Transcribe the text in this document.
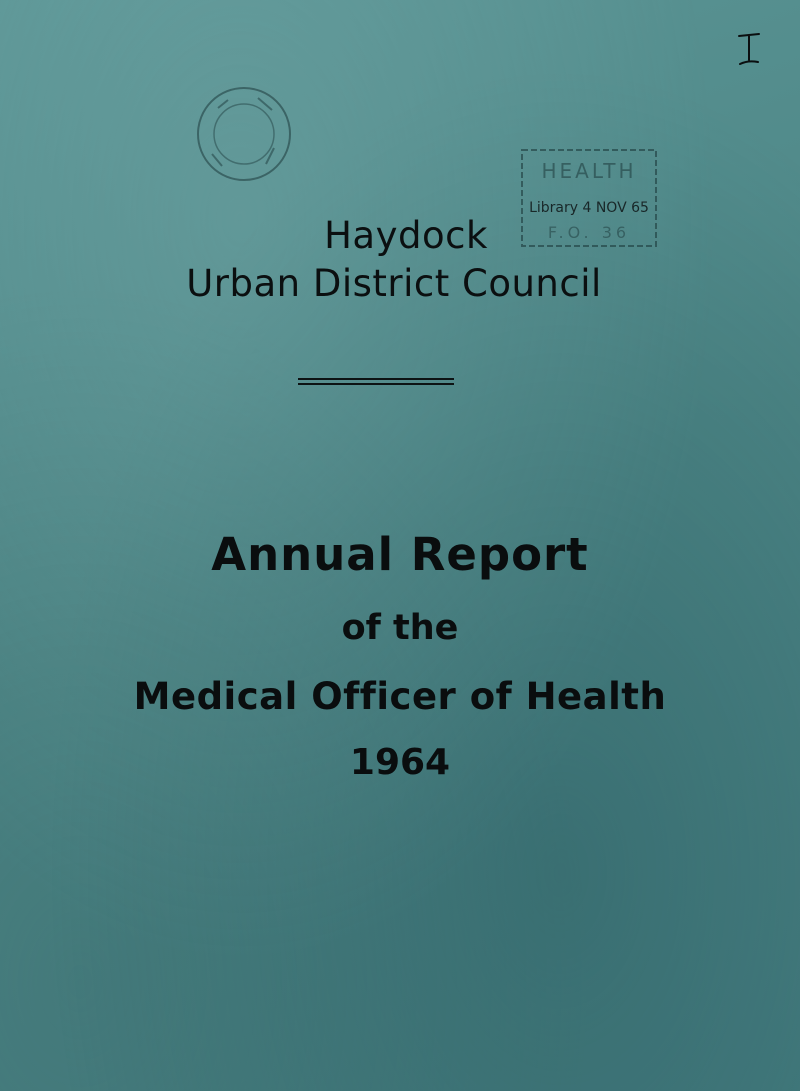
HEALTH
Library 4 NOV 65
F.O. 36
Haydock
Urban District Council
Annual Report
of the
Medical Officer of Health
1964
